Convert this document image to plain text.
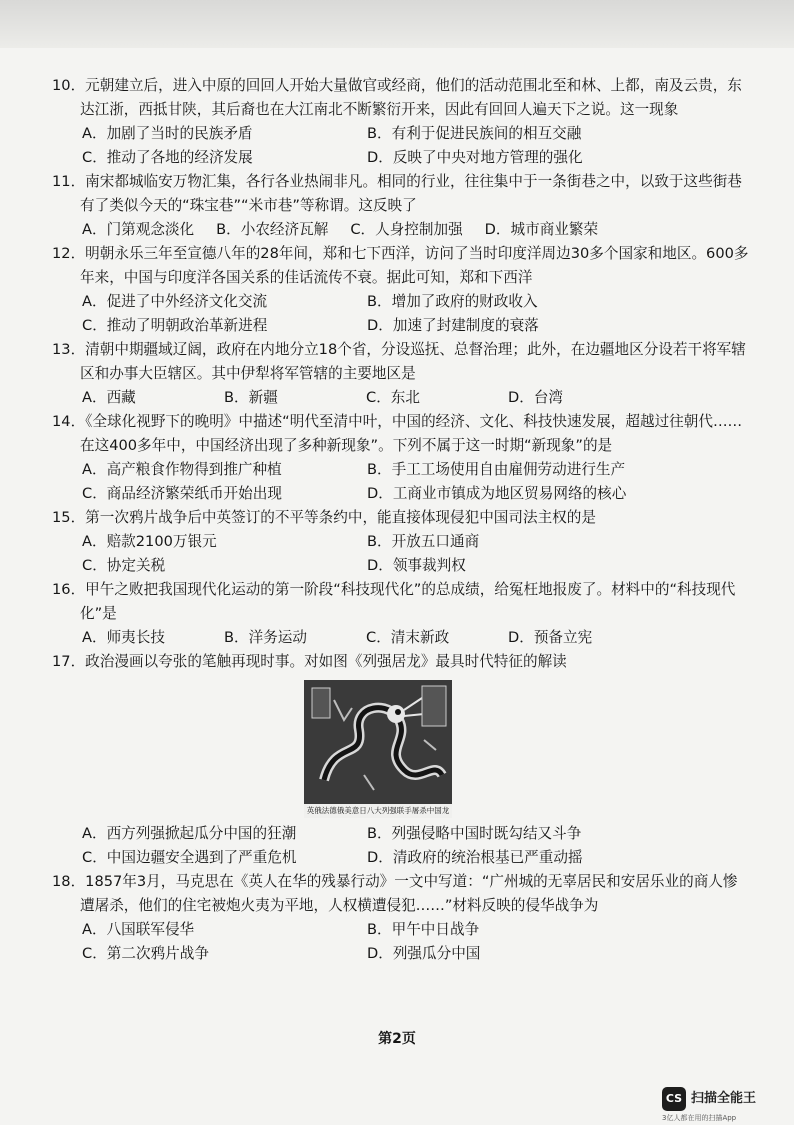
10．元朝建立后，进入中原的回回人开始大量做官或经商，他们的活动范围北至和林、上都，南及云贵，东达江浙，西抵甘陕，其后裔也在大江南北不断繁衍开来，因此有回回人遍天下之说。这一现象
A．加剧了当时的民族矛盾	B．有利于促进民族间的相互交融
C．推动了各地的经济发展	D．反映了中央对地方管理的强化
11．南宋都城临安万物汇集，各行各业热闹非凡。相同的行业，往往集中于一条街巷之中，以致于这些街巷有了类似今天的“珠宝巷”“米市巷”等称谓。这反映了
A．门第观念淡化 B．小农经济瓦解 C．人身控制加强 D．城市商业繁荣
12．明朝永乐三年至宣德八年的28年间，郑和七下西洋，访问了当时印度洋周边30多个国家和地区。600多年来，中国与印度洋各国关系的佳话流传不衰。据此可知，郑和下西洋
A．促进了中外经济文化交流	B．增加了政府的财政收入
C．推动了明朝政治革新进程	D．加速了封建制度的衰落
13．清朝中期疆域辽阔，政府在内地分立18个省，分设巡抚、总督治理；此外，在边疆地区分设若干将军辖区和办事大臣辖区。其中伊犁将军管辖的主要地区是
A．西藏	B．新疆	C．东北	D．台湾
14．《全球化视野下的晚明》中描述“明代至清中叶，中国的经济、文化、科技快速发展，超越过往朝代……在这400多年中，中国经济出现了多种新现象”。下列不属于这一时期“新现象”的是
A．高产粮食作物得到推广种植	B．手工工场使用自由雇佣劳动进行生产
C．商品经济繁荣纸币开始出现	D．工商业市镇成为地区贸易网络的核心
15．第一次鸦片战争后中英签订的不平等条约中，能直接体现侵犯中国司法主权的是
A．赔款2100万银元	B．开放五口通商
C．协定关税	D．领事裁判权
16．甲午之败把我国现代化运动的第一阶段“科技现代化”的总成绩，给冤枉地报废了。材料中的“科技现代化”是
A．师夷长技	B．洋务运动	C．清末新政	D．预备立宪
17．政治漫画以夸张的笔触再现时事。对如图《列强居龙》最具时代特征的解读
英俄法德俄美意日八大列强联手屠杀中国龙
A．西方列强掀起瓜分中国的狂潮	B．列强侵略中国时既勾结又斗争
C．中国边疆安全遇到了严重危机	D．清政府的统治根基已严重动摇
18．1857年3月，马克思在《英人在华的残暴行动》一文中写道：“广州城的无辜居民和安居乐业的商人惨遭屠杀，他们的住宅被炮火夷为平地，人权横遭侵犯……”材料反映的侵华战争为
A．八国联军侵华	B．甲午中日战争
C．第二次鸦片战争	D．列强瓜分中国
第2页
CS 扫描全能王
3亿人都在用的扫描App
